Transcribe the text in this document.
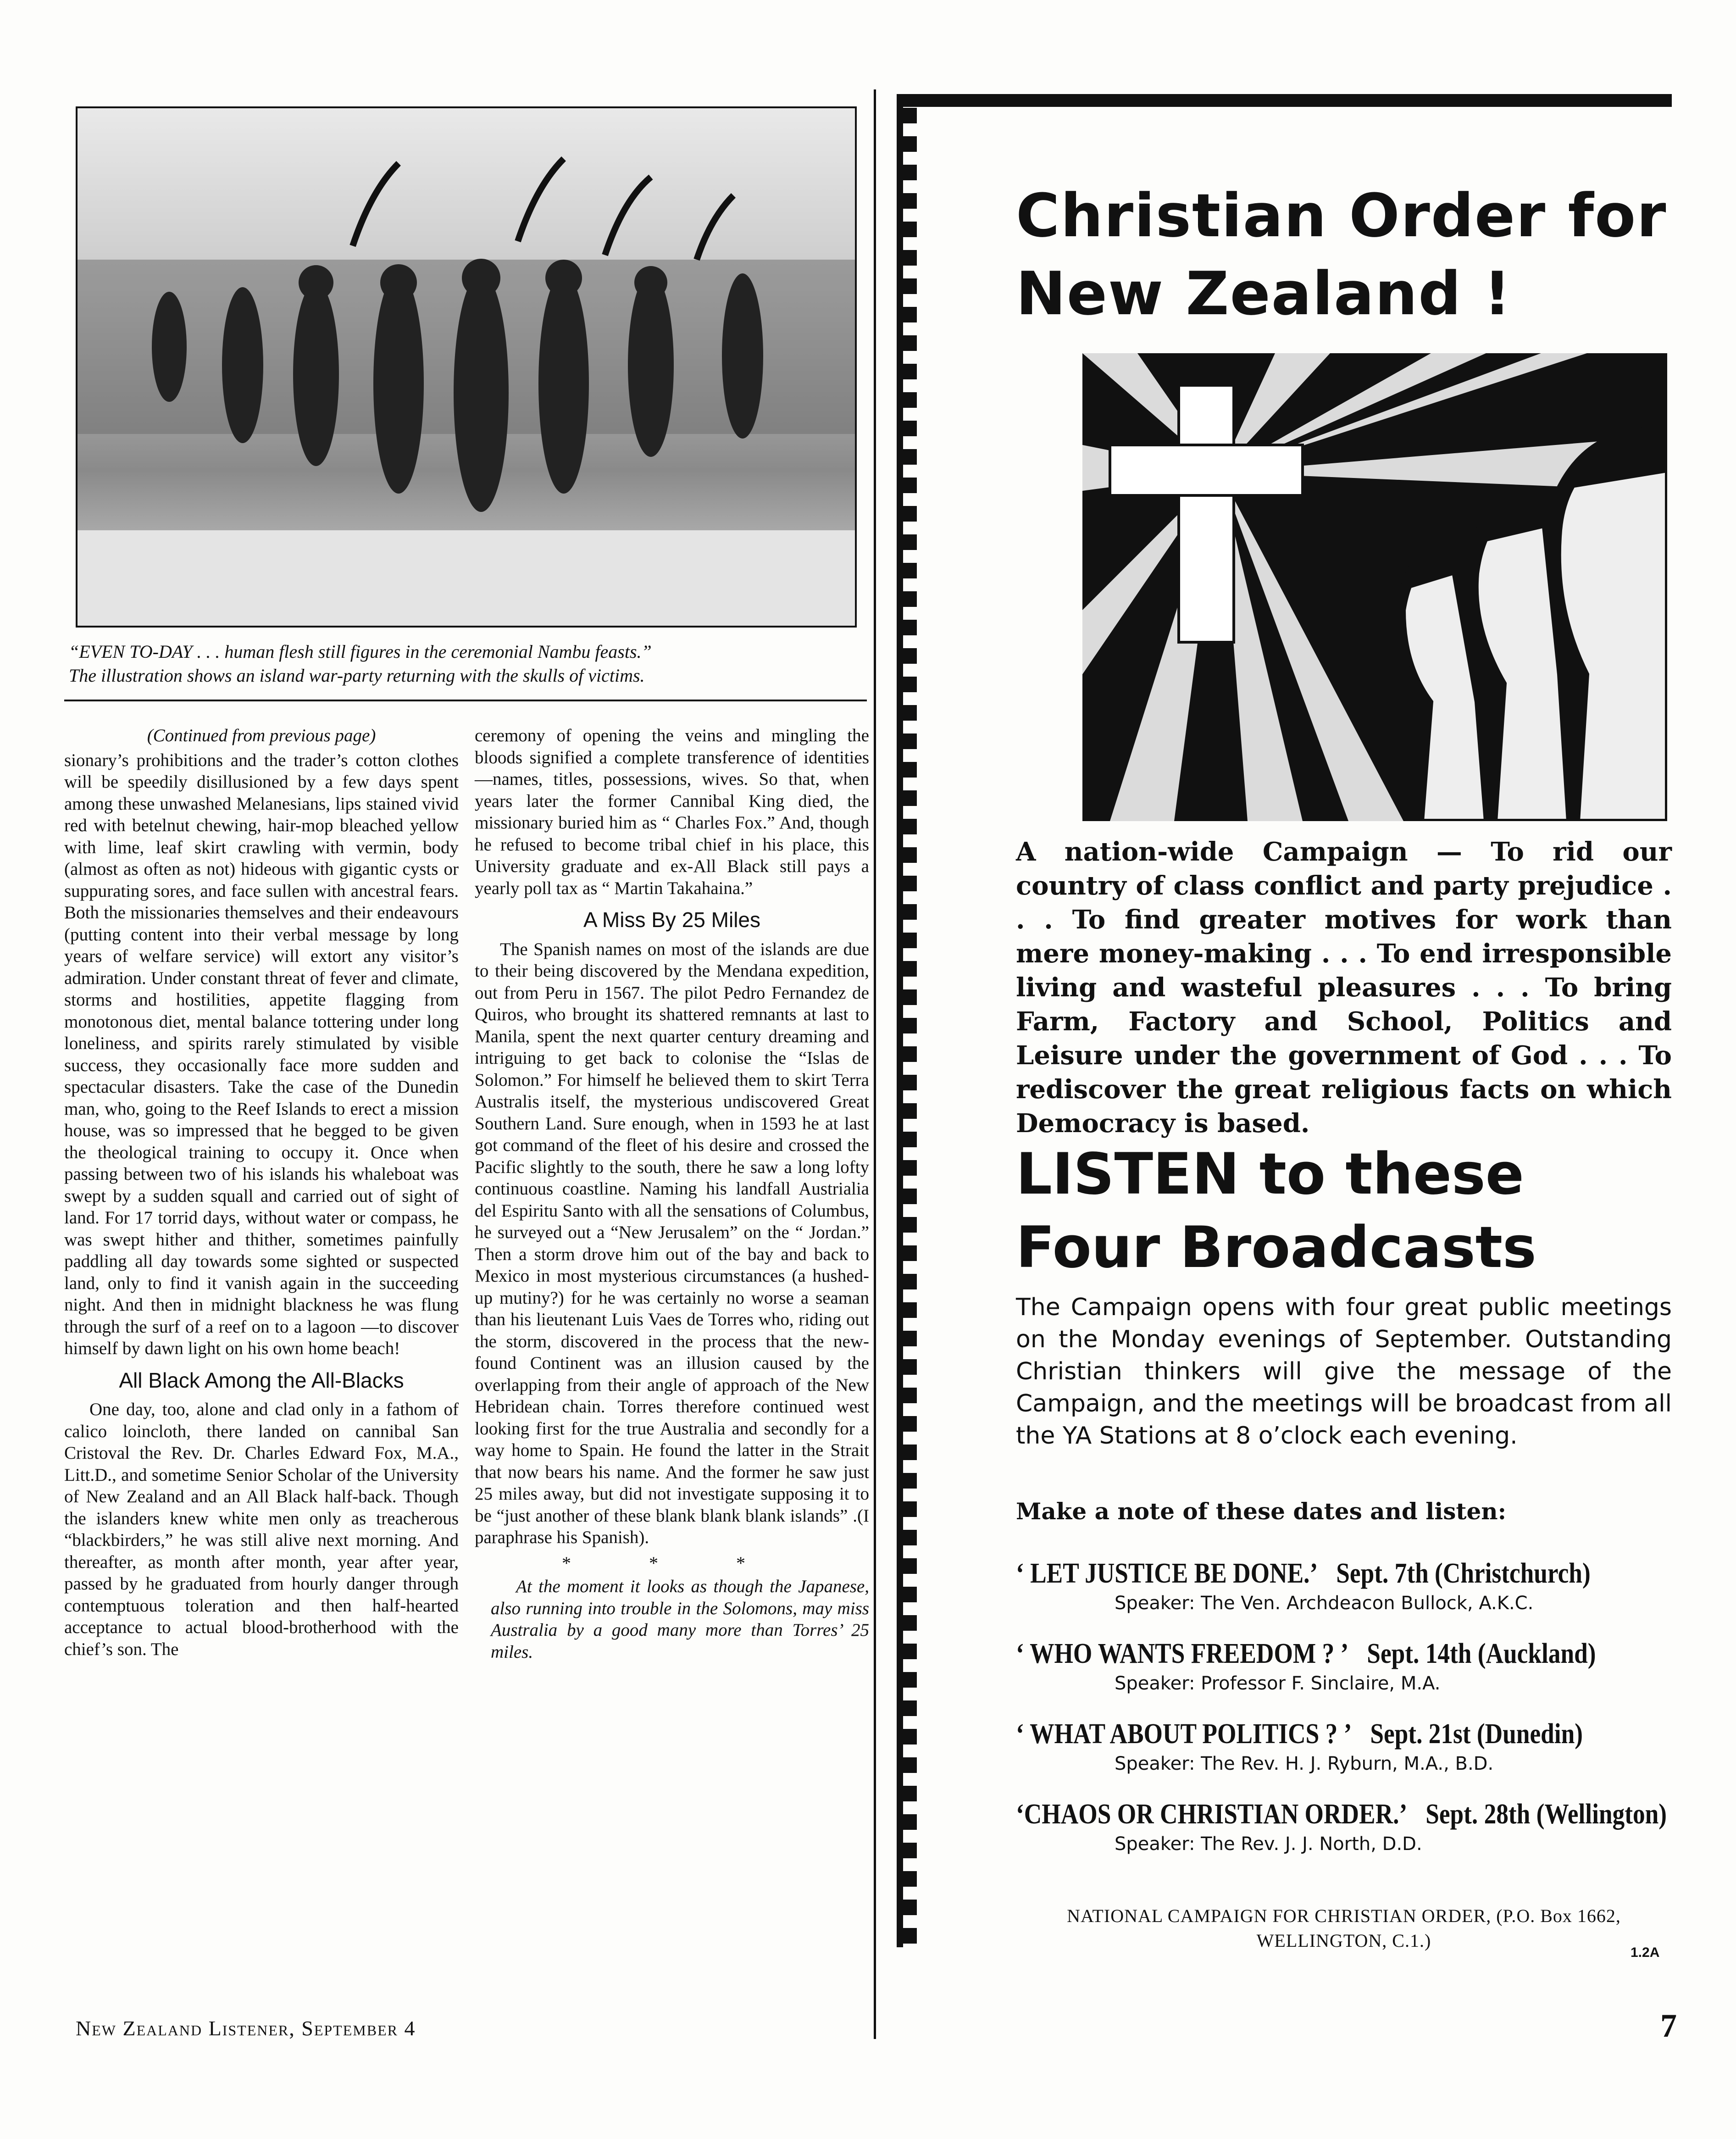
“EVEN TO-DAY . . . human flesh still figures in the ceremonial Nambu feasts.”
The illustration shows an island war-party returning with the skulls of victims.
(Continued from previous page)

sionary’s prohibitions and the trader’s cotton clothes will be speedily disillusioned by a few days spent among these unwashed Melanesians, lips stained vivid red with betelnut chewing, hair-mop bleached yellow with lime, leaf skirt crawling with vermin, body (almost as often as not) hideous with gigantic cysts or suppurating sores, and face sullen with ancestral fears. Both the missionaries themselves and their endeavours (putting content into their verbal message by long years of welfare service) will extort any visitor’s admiration. Under constant threat of fever and climate, storms and hostilities, appetite flagging from monotonous diet, mental balance tottering under long loneliness, and spirits rarely stimulated by visible success, they occasionally face more sudden and spectacular disasters. Take the case of the Dunedin man, who, going to the Reef Islands to erect a mission house, was so impressed that he begged to be given the theological training to occupy it. Once when passing between two of his islands his whaleboat was swept by a sudden squall and carried out of sight of land. For 17 torrid days, without water or compass, he was swept hither and thither, sometimes painfully paddling all day towards some sighted or suspected land, only to find it vanish again in the succeeding night. And then in midnight blackness he was flung through the surf of a reef on to a lagoon —to discover himself by dawn light on his own home beach!

All Black Among the All-Blacks

One day, too, alone and clad only in a fathom of calico loincloth, there landed on cannibal San Cristoval the Rev. Dr. Charles Edward Fox, M.A., Litt.D., and sometime Senior Scholar of the University of New Zealand and an All Black half-back. Though the islanders knew white men only as treacherous “blackbirders,” he was still alive next morning. And thereafter, as month after month, year after year, passed by he graduated from hourly danger through contemptuous toleration and then half-hearted acceptance to actual blood-brotherhood with the chief’s son. The

ceremony of opening the veins and mingling the bloods signified a complete transference of identities—names, titles, possessions, wives. So that, when years later the former Cannibal King died, the missionary buried him as “ Charles Fox.” And, though he refused to become tribal chief in his place, this University graduate and ex-All Black still pays a yearly poll tax as “ Martin Takahaina.”

A Miss By 25 Miles

The Spanish names on most of the islands are due to their being discovered by the Mendana expedition, out from Peru in 1567. The pilot Pedro Fernandez de Quiros, who brought its shattered remnants at last to Manila, spent the next quarter century dreaming and intriguing to get back to colonise the “Islas de Solomon.” For himself he believed them to skirt Terra Australis itself, the mysterious undiscovered Great Southern Land. Sure enough, when in 1593 he at last got command of the fleet of his desire and crossed the Pacific slightly to the south, there he saw a long lofty continuous coastline. Naming his landfall Austrialia del Espiritu Santo with all the sensations of Columbus, he surveyed out a “New Jerusalem” on the “ Jordan.” Then a storm drove him out of the bay and back to Mexico in most mysterious circumstances (a hushed-up mutiny?) for he was certainly no worse a seaman than his lieutenant Luis Vaes de Torres who, riding out the storm, discovered in the process that the new-found Continent was an illusion caused by the overlapping from their angle of approach of the New Hebridean chain. Torres therefore continued west looking first for the true Australia and secondly for a way home to Spain. He found the latter in the Strait that now bears his name. And the former he saw just 25 miles away, but did not investigate supposing it to be “just another of these blank blank blank islands” .(I paraphrase his Spanish).

* * *

At the moment it looks as though the Japanese, also running into trouble in the Solomons, may miss Australia by a good many more than Torres’ 25 miles.

New Zealand Listener, September 4	7
Christian Order for
New Zealand !
A nation-wide Campaign — To rid our country of class conflict and party prejudice . . . To find greater motives for work than mere money-making . . . To end irresponsible living and wasteful pleasures . . . To bring Farm, Factory and School, Politics and Leisure under the government of God . . . To rediscover the great religious facts on which Democracy is based.
LISTEN to these
Four Broadcasts
The Campaign opens with four great public meetings on the Monday evenings of September. Outstanding Christian thinkers will give the message of the Campaign, and the meetings will be broadcast from all the YA Stations at 8 o’clock each evening.
Make a note of these dates and listen:
‘ LET JUSTICE BE DONE.’ Sept. 7th (Christchurch)
Speaker: The Ven. Archdeacon Bullock, A.K.C.
‘ WHO WANTS FREEDOM ? ’ Sept. 14th (Auckland)
Speaker: Professor F. Sinclaire, M.A.
‘ WHAT ABOUT POLITICS ? ’ Sept. 21st (Dunedin)
Speaker: The Rev. H. J. Ryburn, M.A., B.D.
‘CHAOS OR CHRISTIAN ORDER.’ Sept. 28th (Wellington)
Speaker: The Rev. J. J. North, D.D.
NATIONAL CAMPAIGN FOR CHRISTIAN ORDER, (P.O. Box 1662,
WELLINGTON, C.1.)
1.2A
